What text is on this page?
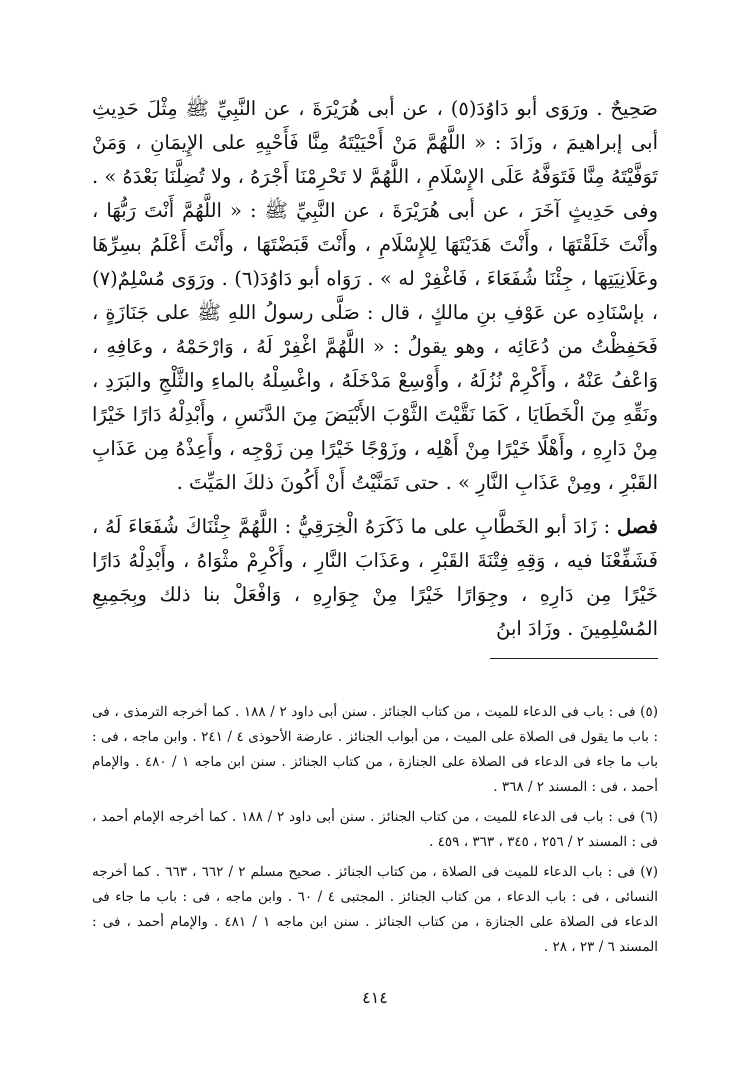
صَحِيحٌ . ورَوَى أبو دَاوُدَ(٥) ، عن أبى هُرَيْرَةَ ، عن النَّبِيِّ ﷺ مِثْلَ حَدِيثِ أبى إبراهيمَ ، وزَادَ : « اللَّهُمَّ مَنْ أَحْيَيْتَهُ مِنَّا فَأَحْيِهِ على الإِيمَانِ ، وَمَنْ تَوَفَّيْتَهُ مِنَّا فَتَوَفَّهُ عَلَى الإِسْلَامِ ، اللَّهُمَّ لا تَحْرِمْنَا أَجْرَهُ ، ولا تُضِلَّنَا بَعْدَهُ » . وفى حَدِيثٍ آخَرَ ، عن أبى هُرَيْرَةَ ، عن النَّبِيِّ ﷺ : « اللَّهُمَّ أَنْتَ رَبُّهَا ، وأَنْتَ خَلَقْتَهَا ، وأَنْتَ هَدَيْتَهَا لِلإِسْلَامِ ، وأَنْتَ قَبَضْتَهَا ، وأَنْتَ أَعْلَمُ بسِرِّهَا وعَلَانِيَتِها ، جِئْنَا شُفَعَاءَ ، فَاغْفِرْ له » . رَوَاه أبو دَاوُدَ(٦) . ورَوَى مُسْلِمٌ(٧) ، بإسْنَادِه عن عَوْفِ بنِ مالكٍ ، قال : صَلَّى رسولُ اللهِ ﷺ على جَنَازَةٍ ، فَحَفِظْتُ من دُعَائِه ، وهو يقولُ : « اللَّهُمَّ اغْفِرْ لَهُ ، وَارْحَمْهُ ، وعَافِهِ ، وَاعْفُ عَنْهُ ، وأَكْرِمْ نُزُلَهُ ، وأَوْسِعْ مَدْخَلَهُ ، واغْسِلْهُ بالماءِ والثَّلْجِ والبَرَدِ ، ونَقِّهِ مِنَ الْخَطَايَا ، كَمَا نَقَّيْتَ الثَّوْبَ الأَبْيَضَ مِنَ الدَّنَسِ ، وأَبْدِلْهُ دَارًا خَيْرًا مِنْ دَارِهِ ، وأَهْلًا خَيْرًا مِنْ أَهْلِه ، وزَوْجًا خَيْرًا مِن زَوْجِه ، وأَعِذْهُ مِن عَذَابِ القَبْرِ ، ومِنْ عَذَابِ النَّارِ » . حتى تَمَنَّيْتُ أَنْ أَكُونَ ذلكَ المَيِّتَ .

فصل : زَادَ أبو الخَطَّابِ على ما ذَكَرَهُ الْخِرَقِيُّ : اللَّهُمَّ جِئْنَاكَ شُفَعَاءَ لَهُ ، فَشَفِّعْنَا فيه ، وَقِهِ فِتْنَةَ القَبْرِ ، وعَذَابَ النَّارِ ، وأَكْرِمْ مثْوَاهُ ، وأَبْدِلْهُ دَارًا خَيْرًا مِن دَارِهِ ، وجِوَارًا خَيْرًا مِنْ جِوَارِهِ ، وَافْعَلْ بنا ذلك وبِجَمِيعِ المُسْلِمِينَ . وزَادَ ابنُ

(٥) فى : باب فى الدعاء للميت ، من كتاب الجنائز . سنن أبى داود ٢ / ١٨٨ . كما أخرجه الترمذى ، فى : باب ما يقول فى الصلاة على الميت ، من أبواب الجنائز . عارضة الأحوذى ٤ / ٢٤١ . وابن ماجه ، فى : باب ما جاء فى الدعاء فى الصلاة على الجنازة ، من كتاب الجنائز . سنن ابن ماجه ١ / ٤٨٠ . والإمام أحمد ، فى : المسند ٢ / ٣٦٨ .

(٦) فى : باب فى الدعاء للميت ، من كتاب الجنائز . سنن أبى داود ٢ / ١٨٨ . كما أخرجه الإمام أحمد ، فى : المسند ٢ / ٢٥٦ ، ٣٤٥ ، ٣٦٣ ، ٤٥٩ .

(٧) فى : باب الدعاء للميت فى الصلاة ، من كتاب الجنائز . صحيح مسلم ٢ / ٦٦٢ ، ٦٦٣ . كما أخرجه النسائى ، فى : باب الدعاء ، من كتاب الجنائز . المجتبى ٤ / ٦٠ . وابن ماجه ، فى : باب ما جاء فى الدعاء فى الصلاة على الجنازة ، من كتاب الجنائز . سنن ابن ماجه ١ / ٤٨١ . والإمام أحمد ، فى : المسند ٦ / ٢٣ ، ٢٨ .

٤١٤
